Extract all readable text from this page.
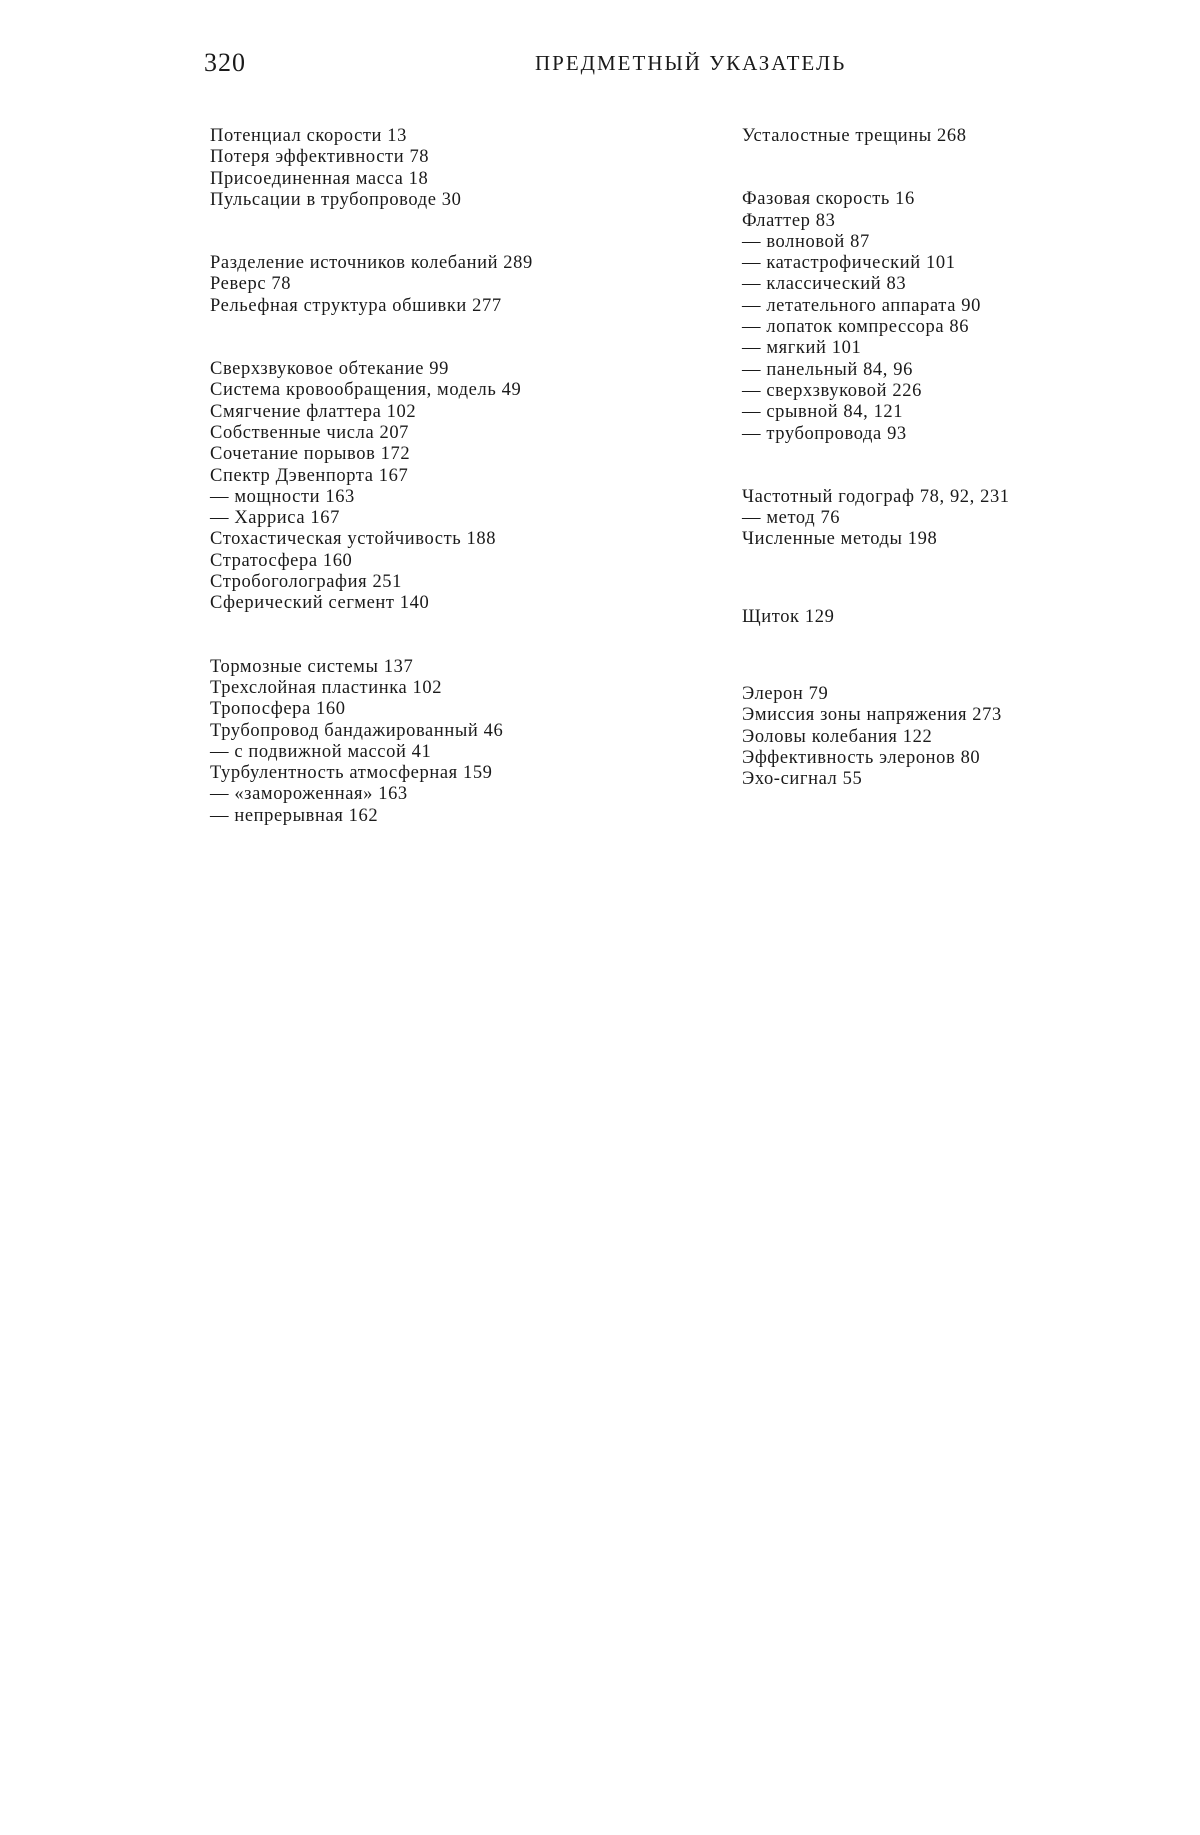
320	ПРЕДМЕТНЫЙ УКАЗАТЕЛЬ
Потенциал скорости 13
Потеря эффективности 78
Присоединенная масса 18
Пульсации в трубопроводе 30
Разделение источников колебаний 289
Реверс 78
Рельефная структура обшивки 277
Сверхзвуковое обтекание 99
Система кровообращения, модель 49
Смягчение флаттера 102
Собственные числа 207
Сочетание порывов 172
Спектр Дэвенпорта 167
— мощности 163
— Харриса 167
Стохастическая устойчивость 188
Стратосфера 160
Стробоголография 251
Сферический сегмент 140
Тормозные системы 137
Трехслойная пластинка 102
Тропосфера 160
Трубопровод бандажированный 46
— с подвижной массой 41
Турбулентность атмосферная 159
— «замороженная» 163
— непрерывная 162
Усталостные трещины 268
Фазовая скорость 16
Флаттер 83
— волновой 87
— катастрофический 101
— классический 83
— летательного аппарата 90
— лопаток компрессора 86
— мягкий 101
— панельный 84, 96
— сверхзвуковой 226
— срывной 84, 121
— трубопровода 93
Частотный годограф 78, 92, 231
— метод 76
Численные методы 198
Щиток 129
Элерон 79
Эмиссия зоны напряжения 273
Эоловы колебания 122
Эффективность элеронов 80
Эхо-сигнал 55
